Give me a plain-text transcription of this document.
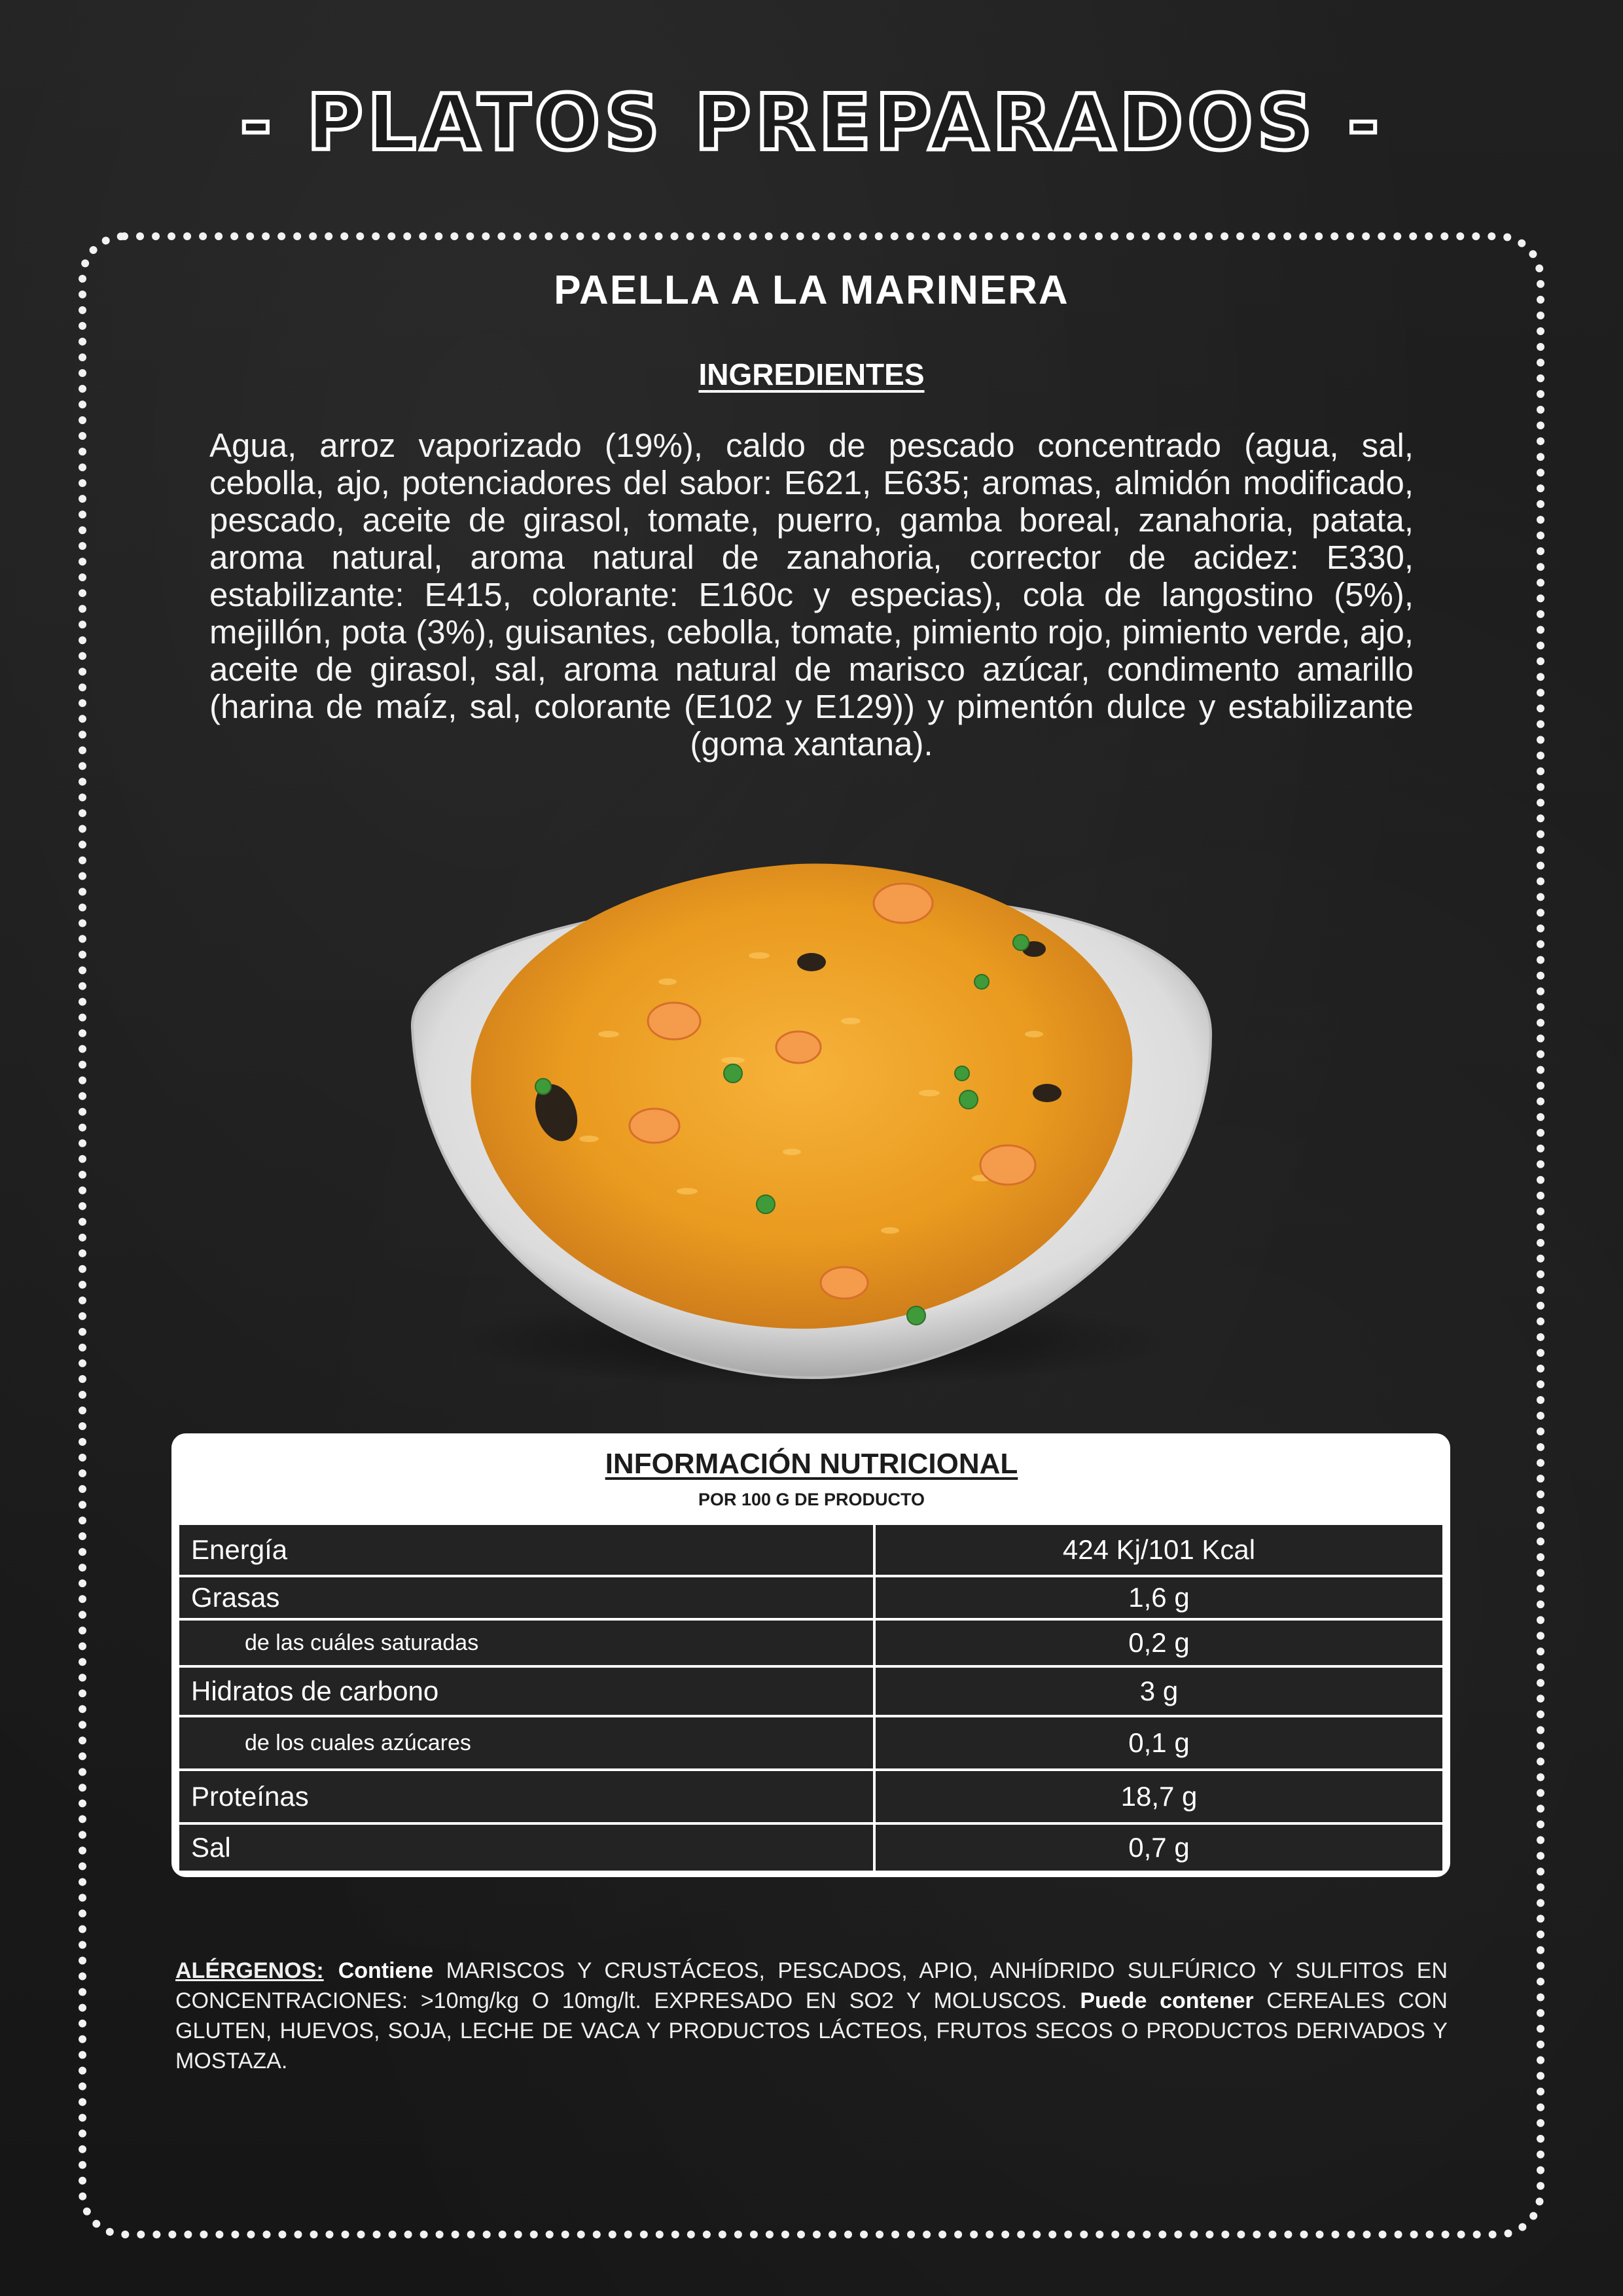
- PLATOS PREPARADOS -
PAELLA A LA MARINERA
INGREDIENTES
Agua, arroz vaporizado (19%), caldo de pescado concentrado (agua, sal, cebolla, ajo, potenciadores del sabor: E621, E635; aromas, almidón modificado, pescado, aceite de girasol, tomate, puerro, gamba boreal, zanahoria, patata, aroma natural, aroma natural de zanahoria, corrector de acidez: E330, estabilizante: E415, colorante: E160c y especias), cola de langostino (5%), mejillón, pota (3%), guisantes, cebolla, tomate, pimiento rojo, pimiento verde, ajo, aceite de girasol, sal, aroma natural de marisco azúcar, condimento amarillo (harina de maíz, sal, colorante (E102 y E129)) y pimentón dulce y estabilizante (goma xantana).
INFORMACIÓN NUTRICIONAL
POR 100 G DE PRODUCTO
Energía	424 Kj/101 Kcal
Grasas	1,6 g
de las cuáles saturadas	0,2 g
Hidratos de carbono	3 g
de los cuales azúcares	0,1 g
Proteínas	18,7 g
Sal	0,7 g
ALÉRGENOS: Contiene MARISCOS Y CRUSTÁCEOS, PESCADOS, APIO, ANHÍDRIDO SULFÚRICO Y SULFITOS EN CONCENTRACIONES: >10mg/kg O 10mg/lt. EXPRESADO EN SO2 Y MOLUSCOS. Puede contener CEREALES CON GLUTEN, HUEVOS, SOJA, LECHE DE VACA Y PRODUCTOS LÁCTEOS, FRUTOS SECOS O PRODUCTOS DERIVADOS Y MOSTAZA.
